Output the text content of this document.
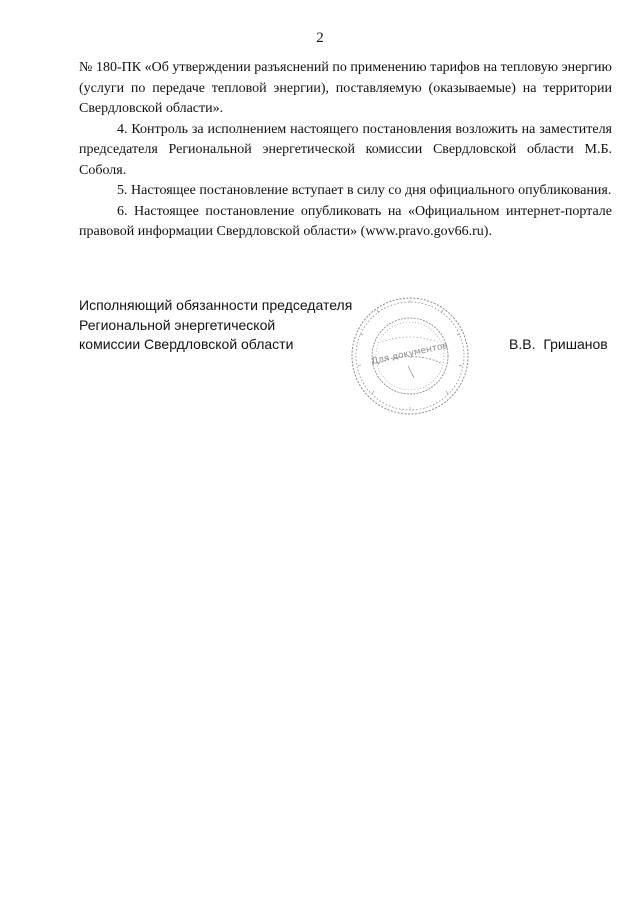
2

№ 180-ПК «Об утверждении разъяснений по применению тарифов на тепловую энергию (услуги по передаче тепловой энергии), поставляемую (оказываемые) на территории Свердловской области».

4. Контроль за исполнением настоящего постановления возложить на заместителя председателя Региональной энергетической комиссии Свердловской области М.Б. Соболя.

5. Настоящее постановление вступает в силу со дня официального опубликования.

6. Настоящее постановление опубликовать на «Официальном интернет-портале правовой информации Свердловской области» (www.pravo.gov66.ru).

Исполняющий обязанности председателя
Региональной энергетической
комиссии Свердловской области	Для документов	В.В. Гришанов
